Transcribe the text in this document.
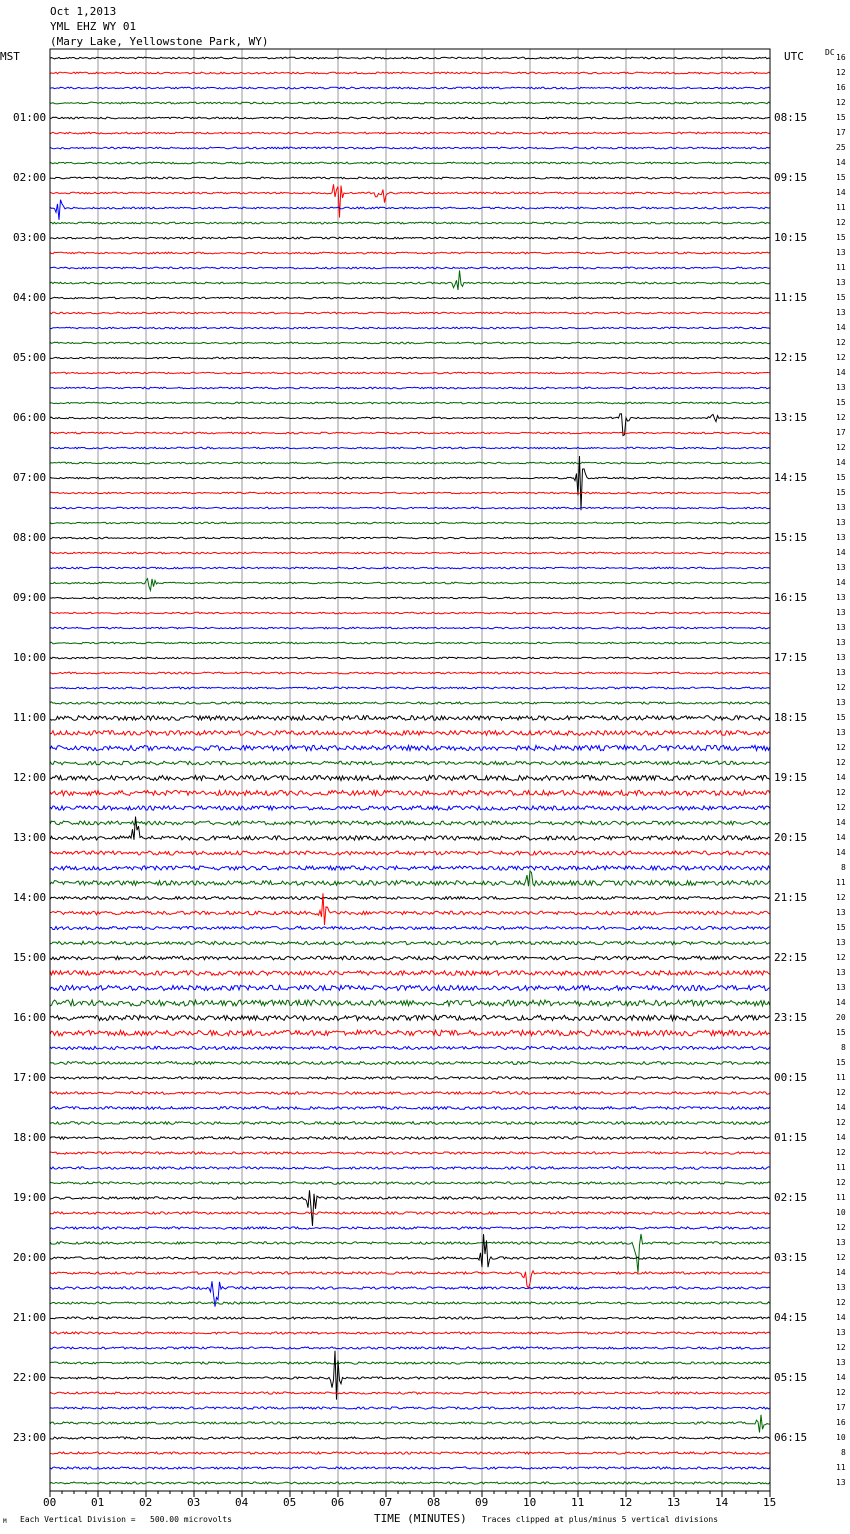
Oct 1,2013
YML EHZ WY 01
(Mary Lake, Yellowstone Park, WY)
MST	UTC	DC
01:00
02:00
03:00
04:00
05:00
06:00
07:00
08:00
09:00
10:00
11:00
12:00
13:00
14:00
15:00
16:00
17:00
18:00
19:00
20:00
21:00
22:00
23:00
08:15
09:15
10:15
11:15
12:15
13:15
14:15
15:15
16:15
17:15
18:15
19:15
20:15
21:15
22:15
23:15
00:15
01:15
02:15
03:15
04:15
05:15
06:15
16
12
16
12
15
17
25
14
15
14
11
12
15
13
11
13
15
13
14
12
12
14
13
15
12
17
12
14
15
15
13
13
13
14
13
14
13
13
13
13
13
13
12
13
15
13
12
12
14
12
12
14
14
14
8
11
12
13
15
13
12
13
13
14
20
15
8
15
11
12
14
12
14
12
11
12
11
10
12
13
12
14
13
12
14
13
12
13
14
12
17
16
10
8
11
13
00	01	02	03	04	05	06	07	08	09	10	11	12	13	14	15
M Each Vertical Division =   500.00 microvolts	TIME (MINUTES) Traces clipped at plus/minus 5 vertical divisions
